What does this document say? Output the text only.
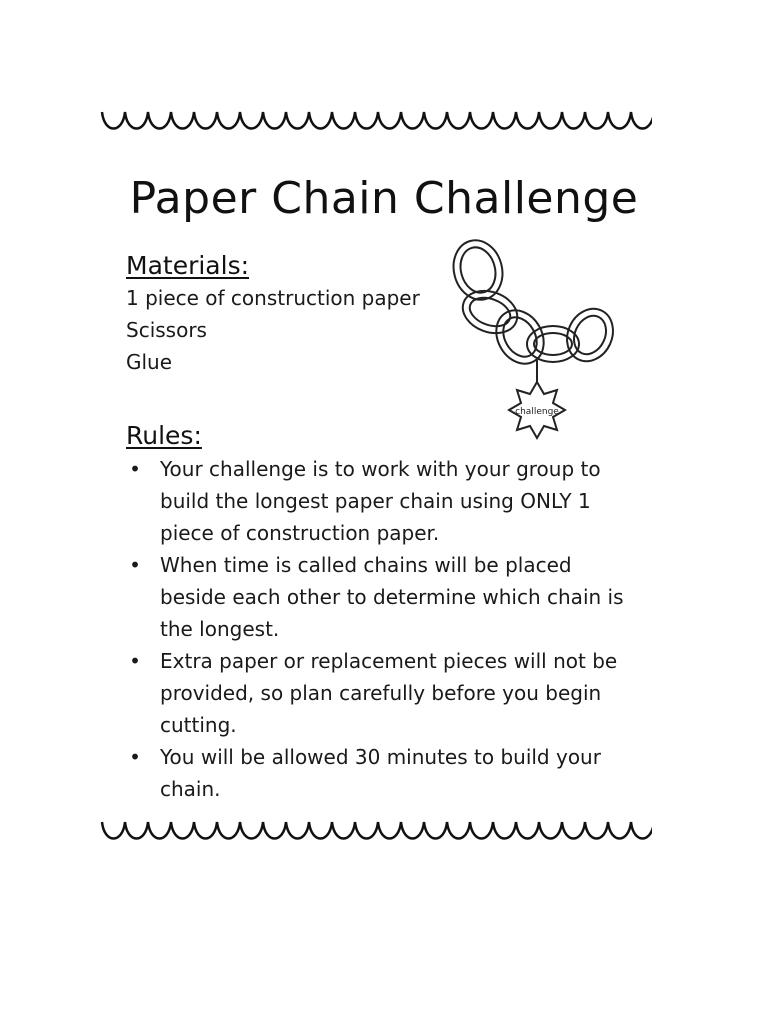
Paper Chain Challenge
Materials:
1 piece of construction paper
Scissors
Glue
challenge
Rules:
• Your challenge is to work with your group to build the longest paper chain using ONLY 1 piece of construction paper.
• When time is called chains will be placed beside each other to determine which chain is the longest.
• Extra paper or replacement pieces will not be provided, so plan carefully before you begin cutting.
• You will be allowed 30 minutes to build your chain.
